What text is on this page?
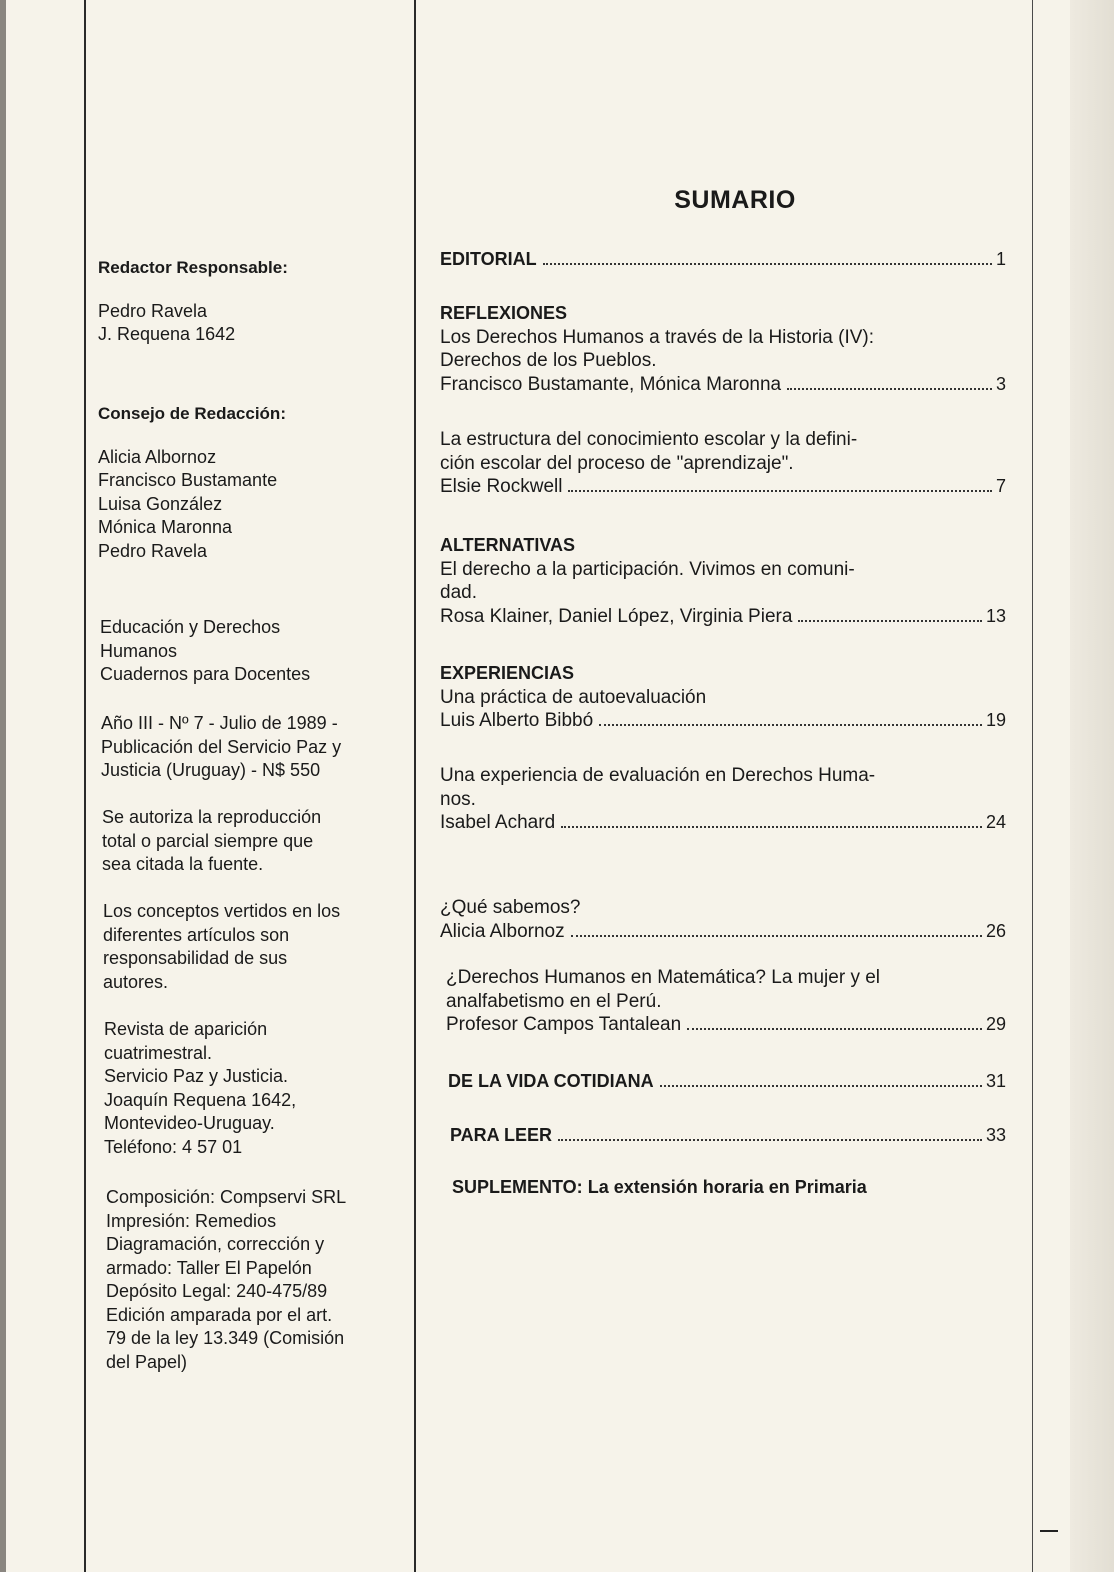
Redactor Responsable:
Pedro Ravela
J. Requena 1642
Consejo de Redacción:
Alicia Albornoz
Francisco Bustamante
Luisa González
Mónica Maronna
Pedro Ravela
Educación y Derechos
Humanos
Cuadernos para Docentes
Año III - Nº 7 - Julio de 1989 -
Publicación del Servicio Paz y
Justicia (Uruguay) - N$ 550
Se autoriza la reproducción
total o parcial siempre que
sea citada la fuente.
Los conceptos vertidos en los
diferentes artículos son
responsabilidad de sus
autores.
Revista de aparición
cuatrimestral.
Servicio Paz y Justicia.
Joaquín Requena 1642,
Montevideo-Uruguay.
Teléfono: 4 57 01
Composición: Compservi SRL
Impresión: Remedios
Diagramación, corrección y
armado: Taller El Papelón
Depósito Legal: 240-475/89
Edición amparada por el art.
79 de la ley 13.349 (Comisión
del Papel)
SUMARIO
EDITORIAL	1
REFLEXIONES
Los Derechos Humanos a través de la Historia (IV):
Derechos de los Pueblos.
Francisco Bustamante, Mónica Maronna	3
La estructura del conocimiento escolar y la defini-
ción escolar del proceso de "aprendizaje".
Elsie Rockwell	7
ALTERNATIVAS
El derecho a la participación. Vivimos en comuni-
dad.
Rosa Klainer, Daniel López, Virginia Piera	13
EXPERIENCIAS
Una práctica de autoevaluación
Luis Alberto Bibbó	19
Una experiencia de evaluación en Derechos Huma-
nos.
Isabel Achard	24
¿Qué sabemos?
Alicia Albornoz	26
¿Derechos Humanos en Matemática? La mujer y el
analfabetismo en el Perú.
Profesor Campos Tantalean	29
DE LA VIDA COTIDIANA	31
PARA LEER	33
SUPLEMENTO: La extensión horaria en Primaria
